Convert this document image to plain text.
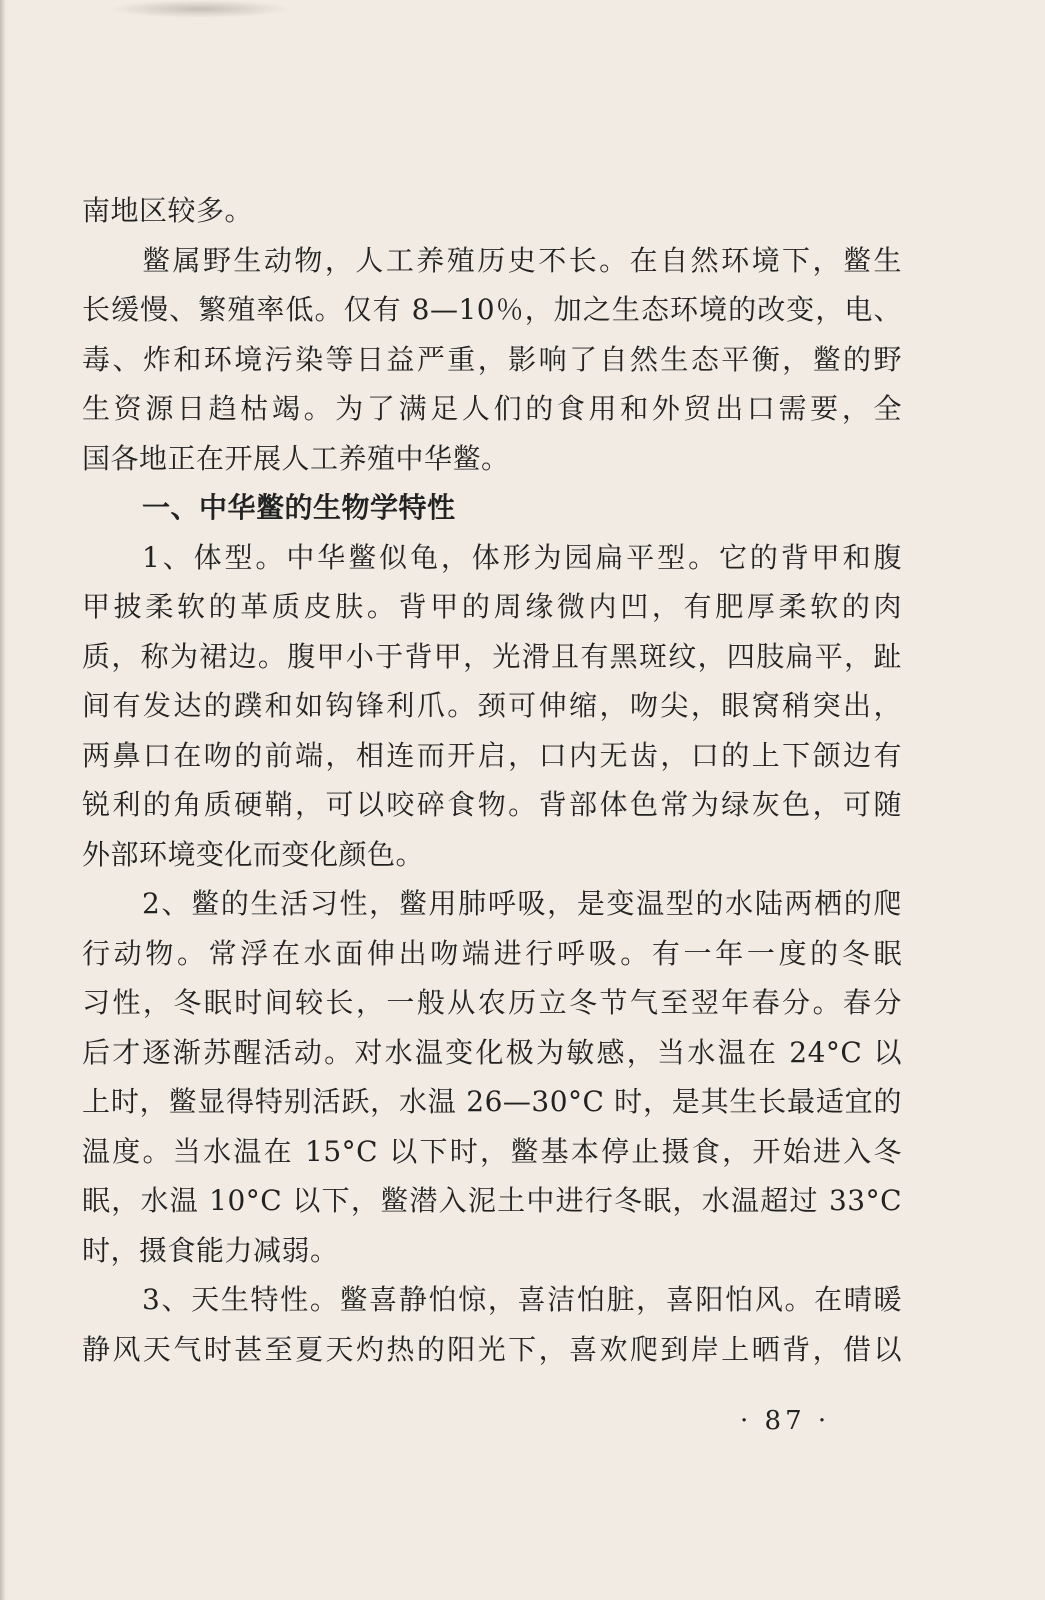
南地区较多。
鳖属野生动物，人工养殖历史不长。在自然环境下，鳖生
长缓慢、繁殖率低。仅有 8—10％，加之生态环境的改变，电、
毒、炸和环境污染等日益严重，影响了自然生态平衡，鳖的野
生资源日趋枯竭。为了满足人们的食用和外贸出口需要，全
国各地正在开展人工养殖中华鳖。
一、中华鳖的生物学特性
1、体型。中华鳖似龟，体形为园扁平型。它的背甲和腹
甲披柔软的革质皮肤。背甲的周缘微内凹，有肥厚柔软的肉
质，称为裙边。腹甲小于背甲，光滑且有黑斑纹，四肢扁平，趾
间有发达的蹼和如钩锋利爪。颈可伸缩，吻尖，眼窝稍突出，
两鼻口在吻的前端，相连而开启，口内无齿，口的上下颌边有
锐利的角质硬鞘，可以咬碎食物。背部体色常为绿灰色，可随
外部环境变化而变化颜色。
2、鳖的生活习性，鳖用肺呼吸，是变温型的水陆两栖的爬
行动物。常浮在水面伸出吻端进行呼吸。有一年一度的冬眠
习性，冬眠时间较长，一般从农历立冬节气至翌年春分。春分
后才逐渐苏醒活动。对水温变化极为敏感，当水温在 24°C 以
上时，鳖显得特别活跃，水温 26—30°C 时，是其生长最适宜的
温度。当水温在 15°C 以下时，鳖基本停止摄食，开始进入冬
眠，水温 10°C 以下，鳖潜入泥土中进行冬眠，水温超过 33°C
时，摄食能力减弱。
3、天生特性。鳖喜静怕惊，喜洁怕脏，喜阳怕风。在晴暖
静风天气时甚至夏天灼热的阳光下，喜欢爬到岸上晒背，借以
· 87 ·
